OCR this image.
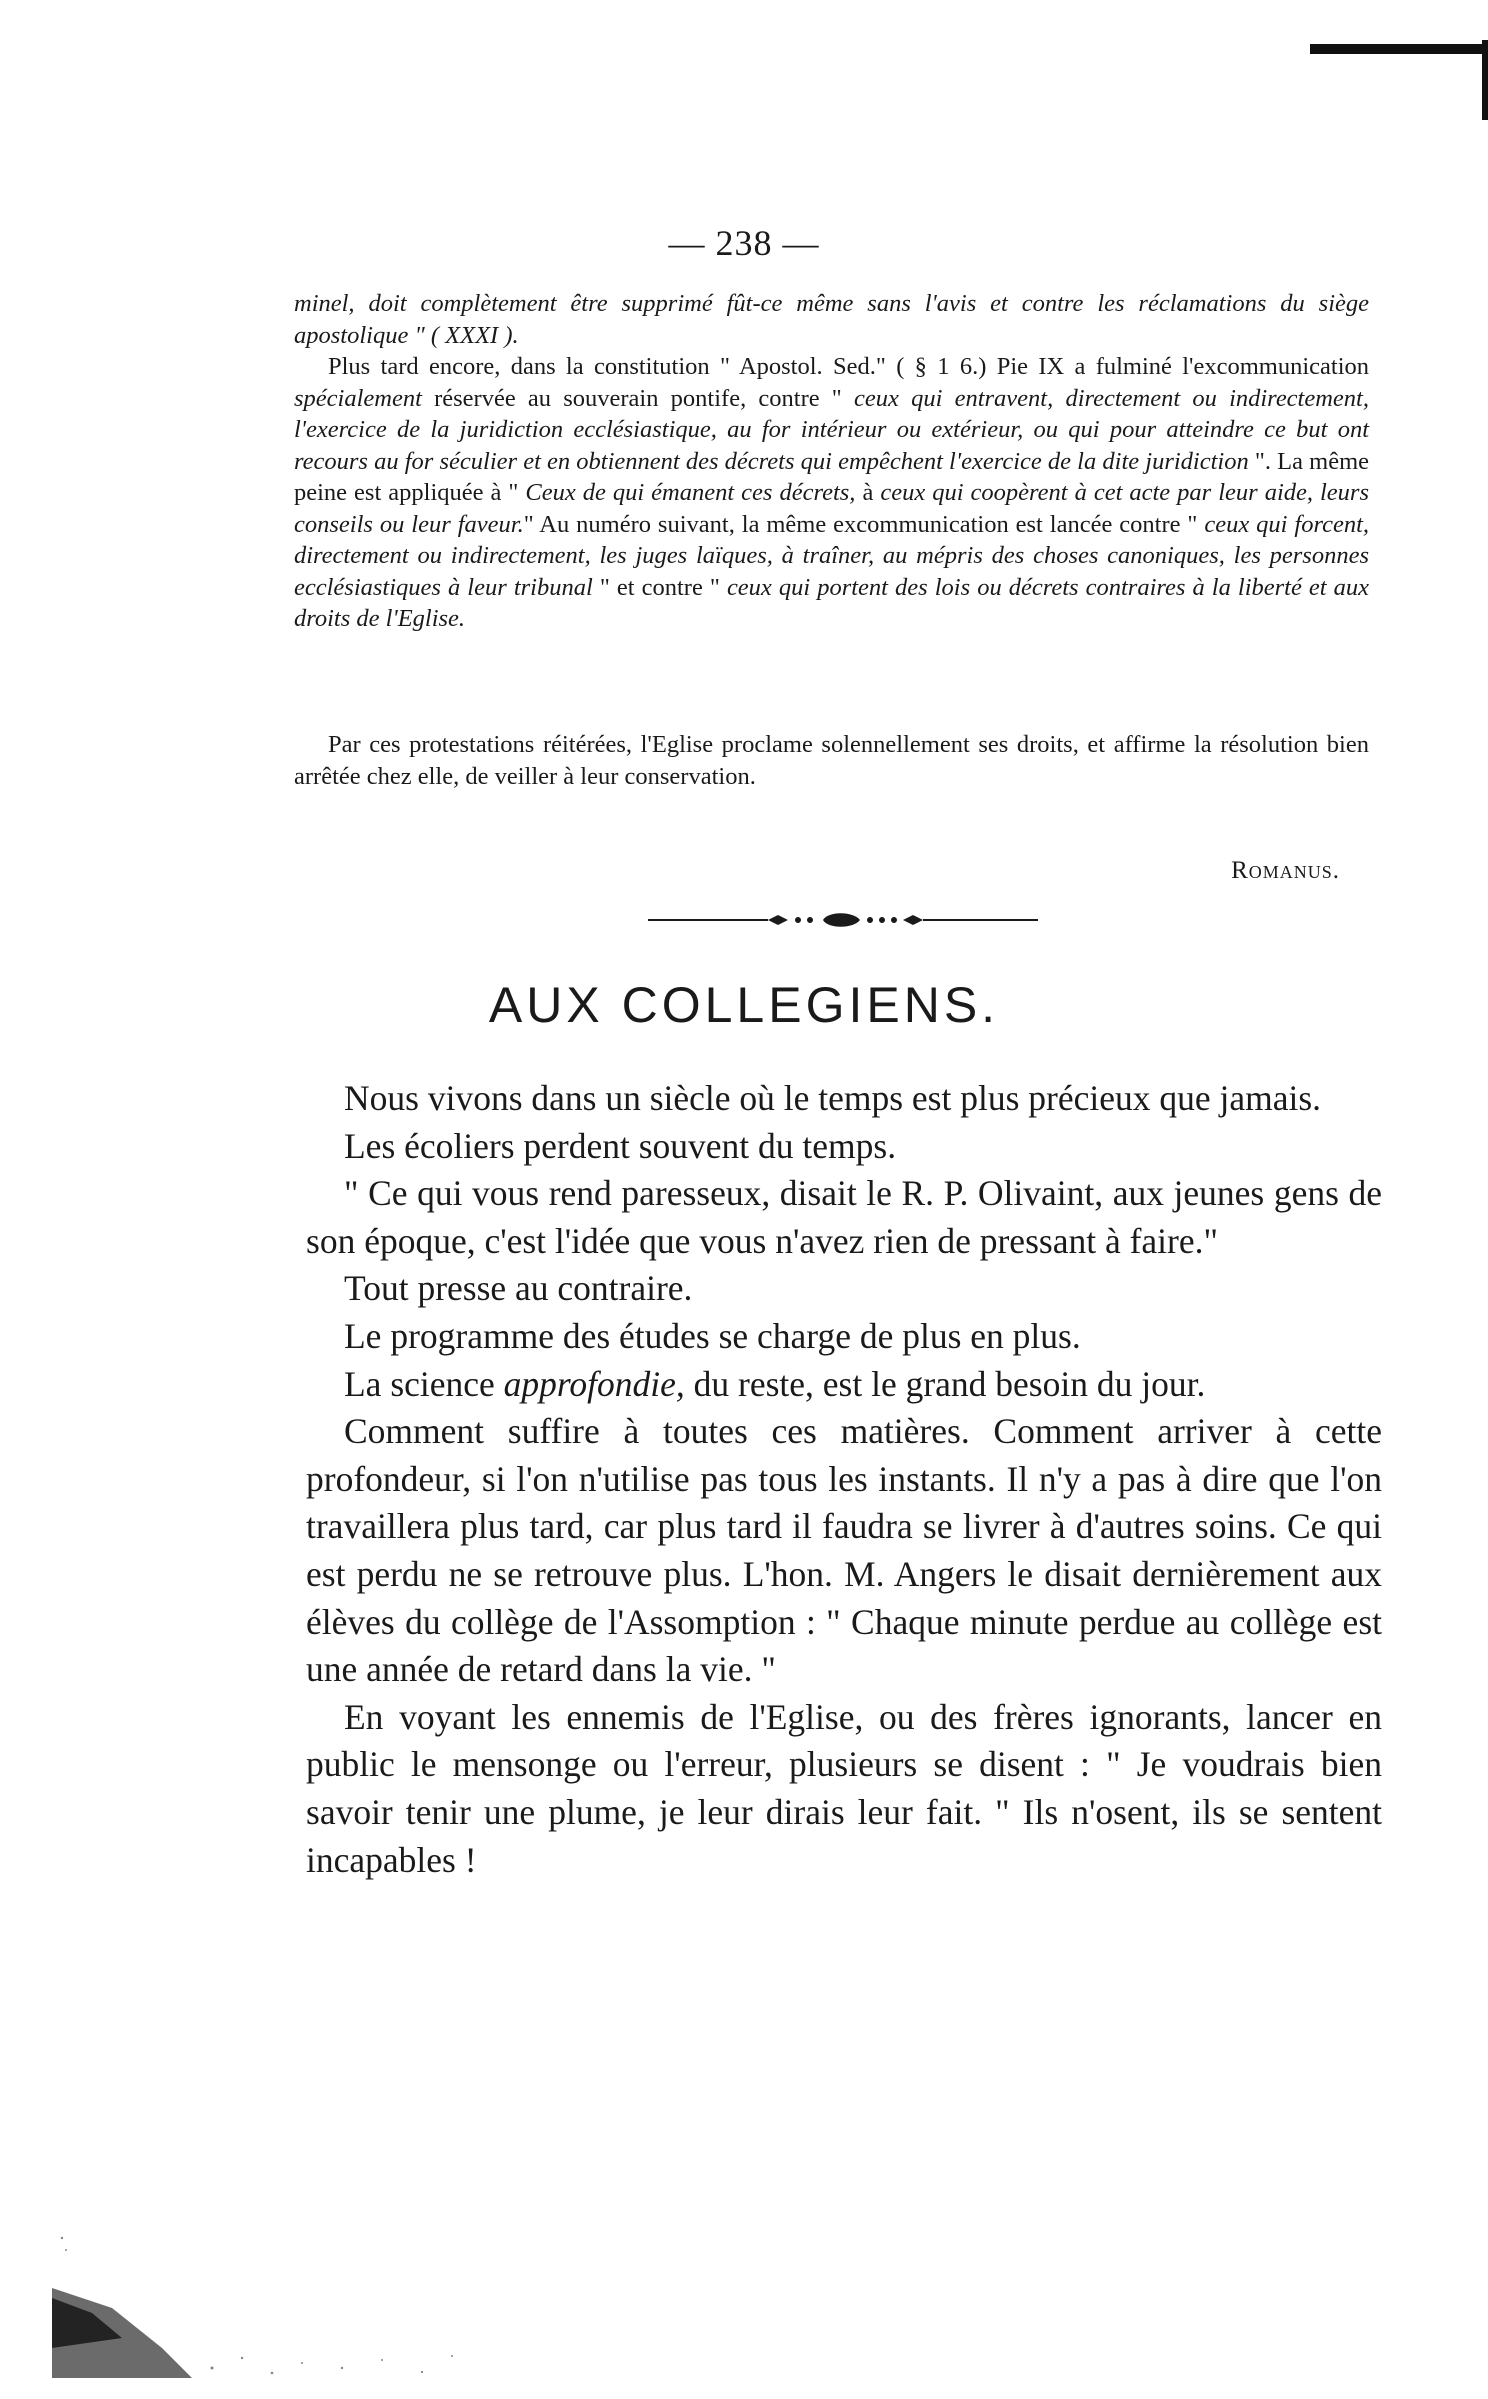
— 238 —

minel, doit complètement être supprimé fût-ce même sans l'avis et contre les réclamations du siège apostolique " ( XXXI ).

Plus tard encore, dans la constitution " Apostol. Sed." ( § 1 6.) Pie IX a fulminé l'excommunication spécialement réservée au souverain pontife, contre " ceux qui entravent, directement ou indirectement, l'exercice de la juridiction ecclésiastique, au for intérieur ou extérieur, ou qui pour atteindre ce but ont recours au for séculier et en obtiennent des décrets qui empêchent l'exercice de la dite juridiction ". La même peine est appliquée à " Ceux de qui émanent ces décrets, à ceux qui coopèrent à cet acte par leur aide, leurs conseils ou leur faveur." Au numéro suivant, la même excommunication est lancée contre " ceux qui forcent, directement ou indirectement, les juges laïques, à traîner, au mépris des choses canoniques, les personnes ecclésiastiques à leur tribunal " et contre " ceux qui portent des lois ou décrets contraires à la liberté et aux droits de l'Eglise.

Par ces protestations réitérées, l'Eglise proclame solennellement ses droits, et affirme la résolution bien arrêtée chez elle, de veiller à leur conservation.

Romanus.
AUX COLLEGIENS.

Nous vivons dans un siècle où le temps est plus précieux que jamais.

Les écoliers perdent souvent du temps.

" Ce qui vous rend paresseux, disait le R. P. Olivaint, aux jeunes gens de son époque, c'est l'idée que vous n'avez rien de pressant à faire."

Tout presse au contraire.

Le programme des études se charge de plus en plus.

La science approfondie, du reste, est le grand besoin du jour.

Comment suffire à toutes ces matières. Comment arriver à cette profondeur, si l'on n'utilise pas tous les instants. Il n'y a pas à dire que l'on travaillera plus tard, car plus tard il faudra se livrer à d'autres soins. Ce qui est perdu ne se retrouve plus. L'hon. M. Angers le disait dernièrement aux élèves du collège de l'Assomption : " Chaque minute perdue au collège est une année de retard dans la vie. "

En voyant les ennemis de l'Eglise, ou des frères ignorants, lancer en public le mensonge ou l'erreur, plusieurs se disent : " Je voudrais bien savoir tenir une plume, je leur dirais leur fait. " Ils n'osent, ils se sentent incapables !
